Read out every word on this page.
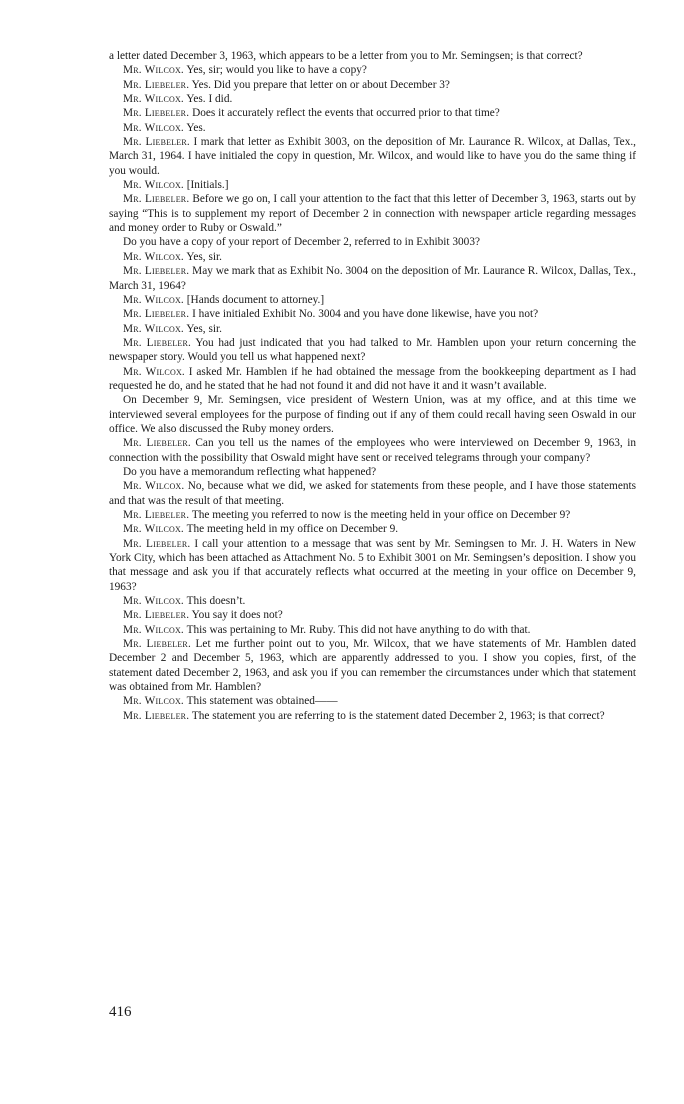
a letter dated December 3, 1963, which appears to be a letter from you to Mr. Semingsen; is that correct?

Mr. Wilcox. Yes, sir; would you like to have a copy?

Mr. Liebeler. Yes. Did you prepare that letter on or about December 3?

Mr. Wilcox. Yes. I did.

Mr. Liebeler. Does it accurately reflect the events that occurred prior to that time?

Mr. Wilcox. Yes.

Mr. Liebeler. I mark that letter as Exhibit 3003, on the deposition of Mr. Laurance R. Wilcox, at Dallas, Tex., March 31, 1964. I have initialed the copy in question, Mr. Wilcox, and would like to have you do the same thing if you would.

Mr. Wilcox. [Initials.]

Mr. Liebeler. Before we go on, I call your attention to the fact that this letter of December 3, 1963, starts out by saying “This is to supplement my report of December 2 in connection with newspaper article regarding messages and money order to Ruby or Oswald.”

Do you have a copy of your report of December 2, referred to in Exhibit 3003?

Mr. Wilcox. Yes, sir.

Mr. Liebeler. May we mark that as Exhibit No. 3004 on the deposition of Mr. Laurance R. Wilcox, Dallas, Tex., March 31, 1964?

Mr. Wilcox. [Hands document to attorney.]

Mr. Liebeler. I have initialed Exhibit No. 3004 and you have done likewise, have you not?

Mr. Wilcox. Yes, sir.

Mr. Liebeler. You had just indicated that you had talked to Mr. Hamblen upon your return concerning the newspaper story. Would you tell us what happened next?

Mr. Wilcox. I asked Mr. Hamblen if he had obtained the message from the bookkeeping department as I had requested he do, and he stated that he had not found it and did not have it and it wasn’t available.

On December 9, Mr. Semingsen, vice president of Western Union, was at my office, and at this time we interviewed several employees for the purpose of finding out if any of them could recall having seen Oswald in our office. We also discussed the Ruby money orders.

Mr. Liebeler. Can you tell us the names of the employees who were interviewed on December 9, 1963, in connection with the possibility that Oswald might have sent or received telegrams through your company?

Do you have a memorandum reflecting what happened?

Mr. Wilcox. No, because what we did, we asked for statements from these people, and I have those statements and that was the result of that meeting.

Mr. Liebeler. The meeting you referred to now is the meeting held in your office on December 9?

Mr. Wilcox. The meeting held in my office on December 9.

Mr. Liebeler. I call your attention to a message that was sent by Mr. Semingsen to Mr. J. H. Waters in New York City, which has been attached as Attachment No. 5 to Exhibit 3001 on Mr. Semingsen’s deposition. I show you that message and ask you if that accurately reflects what occurred at the meeting in your office on December 9, 1963?

Mr. Wilcox. This doesn’t.

Mr. Liebeler. You say it does not?

Mr. Wilcox. This was pertaining to Mr. Ruby. This did not have anything to do with that.

Mr. Liebeler. Let me further point out to you, Mr. Wilcox, that we have statements of Mr. Hamblen dated December 2 and December 5, 1963, which are apparently addressed to you. I show you copies, first, of the statement dated December 2, 1963, and ask you if you can remember the circumstances under which that statement was obtained from Mr. Hamblen?

Mr. Wilcox. This statement was obtained——

Mr. Liebeler. The statement you are referring to is the statement dated December 2, 1963; is that correct?

416
